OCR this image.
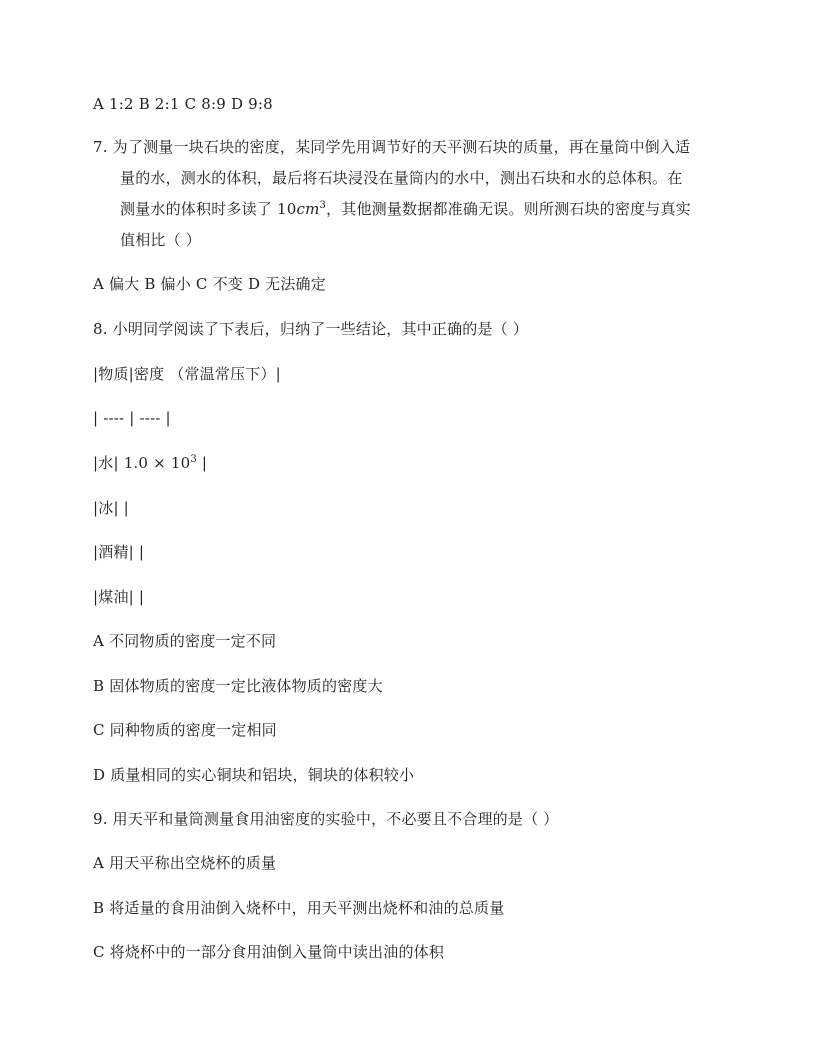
A 1:2 B 2:1 C 8:9 D 9:8
7. 为了测量一块石块的密度，某同学先用调节好的天平测石块的质量，再在量筒中倒入适
量的水，测水的体积，最后将石块浸没在量筒内的水中，测出石块和水的总体积。在
测量水的体积时多读了 $10cm^3$，其他测量数据都准确无误。则所测石块的密度与真实
值相比（ ）
A 偏大 B 偏小 C 不变 D 无法确定
8. 小明同学阅读了下表后，归纳了一些结论，其中正确的是（ ）
|物质|密度 （常温常压下）|
| ---- | ---- |
|水| $1.0 \times 10^3$ |
|冰| |
|酒精| |
|煤油| |
A 不同物质的密度一定不同
B 固体物质的密度一定比液体物质的密度大
C 同种物质的密度一定相同
D 质量相同的实心铜块和铝块，铜块的体积较小
9. 用天平和量筒测量食用油密度的实验中，不必要且不合理的是（ ）
A 用天平称出空烧杯的质量
B 将适量的食用油倒入烧杯中，用天平测出烧杯和油的总质量
C 将烧杯中的一部分食用油倒入量筒中读出油的体积
